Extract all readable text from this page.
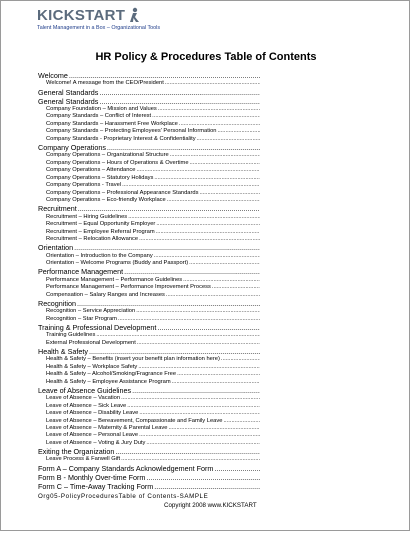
KICKSTART
Talent Management in a Box – Organizational Tools
HR Policy & Procedures Table of Contents
Welcome
.....
Welcome! A message from the CEO/President
.....
General Standards
.....
General Standards
.....
Company Foundation – Mission and Values
.....
Company Standards – Conflict of Interest
.....
Company Standards – Harassment Free Workplace
.....
Company Standards – Protecting Employees' Personal Information
.....
Company Standards - Proprietary Interest & Confidentiality
.....
Company Operations
.....
Company Operations – Organizational Structure
.....
Company Operations – Hours of Operations & Overtime
.....
Company Operations – Attendance
.....
Company Operations – Statutory Holidays
.....
Company Operations - Travel
.....
Company Operations – Professional Appearance Standards
.....
Company Operations – Eco-friendly Workplace
.....
Recruitment
.....
Recruitment – Hiring Guidelines
.....
Recruitment – Equal Opportunity Employer
.....
Recruitment – Employee Referral Program
.....
Recruitment – Relocation Allowance
.....
Orientation
.....
Orientation – Introduction to the Company
.....
Orientation – Welcome Programs (Buddy and Passport)
.....
Performance Management
.....
Performance Management – Performance Guidelines
.....
Performance Management – Performance Improvement Process
.....
Compensation – Salary Ranges and Increases
.....
Recognition
.....
Recognition – Service Appreciation
.....
Recognition – Star Program
.....
Training & Professional Development
.....
Training Guidelines
.....
External Professional Development
.....
Health & Safety
.....
Health & Safety – Benefits (insert your benefit plan information here)
.....
Health & Safety – Workplace Safety
.....
Health & Safety – Alcohol/Smoking/Fragrance Free
.....
Health & Safety – Employee Assistance Program
.....
Leave of Absence Guidelines
.....
Leave of Absence – Vacation
.....
Leave of Absence – Sick Leave
.....
Leave of Absence – Disability Leave
.....
Leave of Absence – Bereavement, Compassionate and Family Leave
.....
Leave of Absence – Maternity & Parental Leave
.....
Leave of Absence – Personal Leave
.....
Leave of Absence – Voting & Jury Duty
.....
Exiting the Organization
.....
Leave Process & Farwell Gift
.....
Form A – Company Standards Acknowledgement Form
.....
Form B - Monthly Over-time Form
.....
Form C – Time-Away Tracking Form
.....
Org05-PolicyProceduresTable of Contents-SAMPLE
Copyright 2008 www.KICKSTART
